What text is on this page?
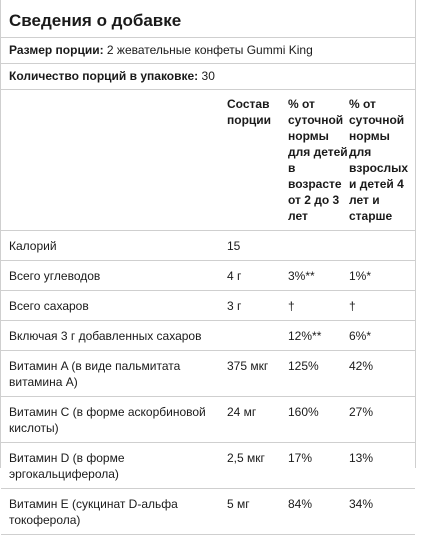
Сведения о добавке
Размер порции: 2 жевательные конфеты Gummi King
Количество порций в упаковке: 30
	Состав порции	% от суточной нормы для детей в возрасте от 2 до 3 лет	% от суточной нормы для взрослых и детей 4 лет и старше
Калорий	15		
Всего углеводов	4 г	3%**	1%*
Всего сахаров	3 г	†	†
Включая 3 г добавленных сахаров		12%**	6%*
Витамин A (в виде пальмитата витамина A)	375 мкг	125%	42%
Витамин C (в форме аскорбиновой кислоты)	24 мг	160%	27%
Витамин D (в форме эргокальциферола)	2,5 мкг	17%	13%
Витамин E (сукцинат D-альфа токоферола)	5 мг	84%	34%
